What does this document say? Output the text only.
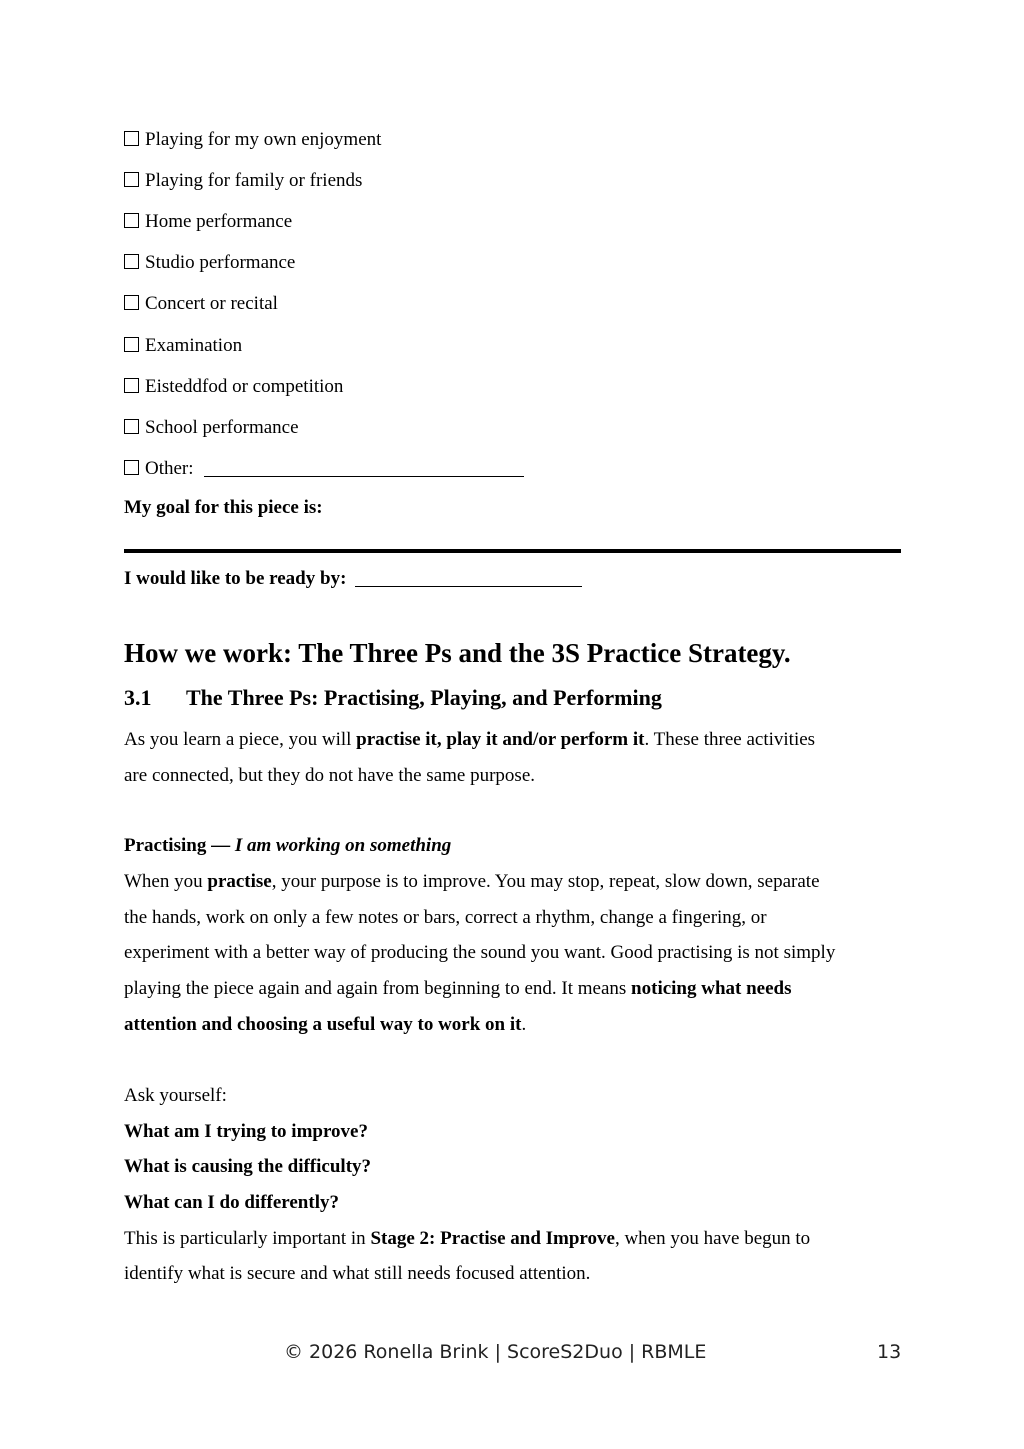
Playing for my own enjoyment
Playing for family or friends
Home performance
Studio performance
Concert or recital
Examination
Eisteddfod or competition
School performance
Other:
My goal for this piece is:
I would like to be ready by:
How we work: The Three Ps and the 3S Practice Strategy.
3.1 The Three Ps: Practising, Playing, and Performing
As you learn a piece, you will practise it, play it and/or perform it. These three activities
are connected, but they do not have the same purpose.
Practising — I am working on something
When you practise, your purpose is to improve. You may stop, repeat, slow down, separate
the hands, work on only a few notes or bars, correct a rhythm, change a fingering, or
experiment with a better way of producing the sound you want. Good practising is not simply
playing the piece again and again from beginning to end. It means noticing what needs
attention and choosing a useful way to work on it.
Ask yourself:
What am I trying to improve?
What is causing the difficulty?
What can I do differently?
This is particularly important in Stage 2: Practise and Improve, when you have begun to
identify what is secure and what still needs focused attention.
© 2026 Ronella Brink | ScoreS2Duo | RBMLE	13
